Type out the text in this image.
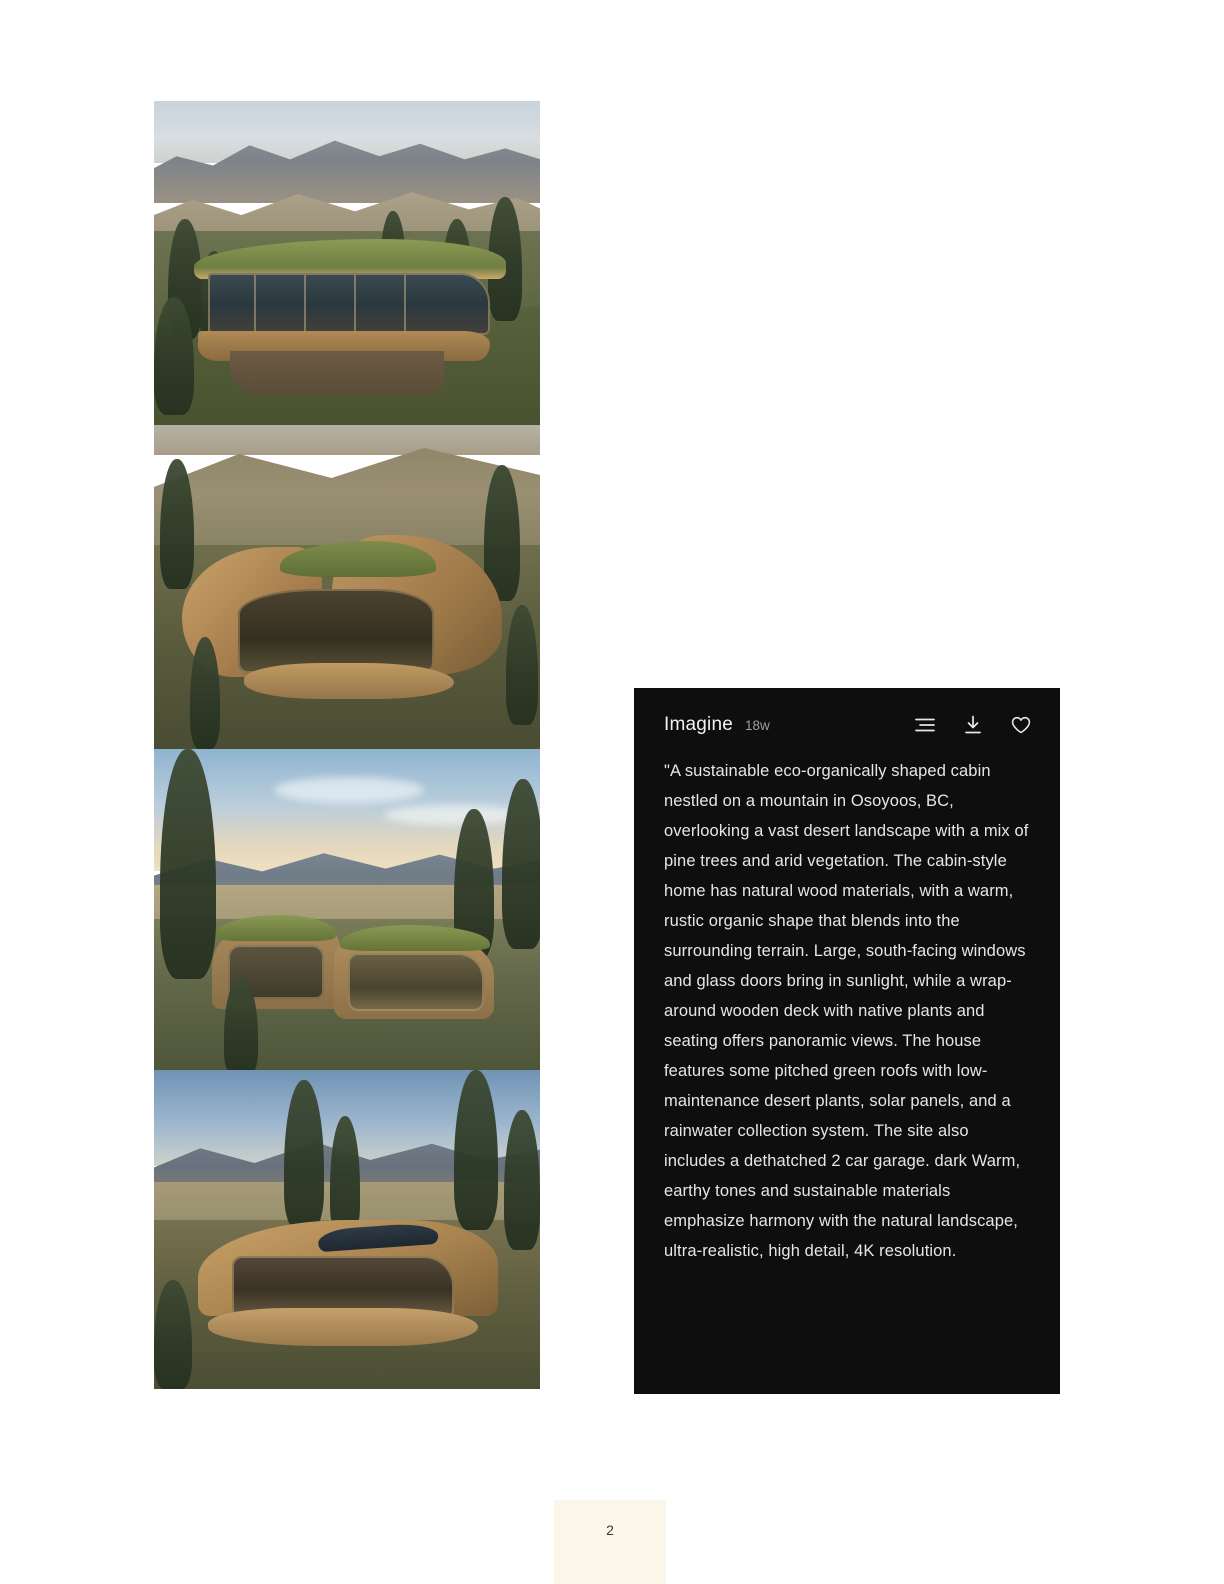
Imagine 18w
"A sustainable eco-organically shaped cabin nestled on a mountain in Osoyoos, BC, overlooking a vast desert landscape with a mix of pine trees and arid vegetation. The cabin-style home has natural wood materials, with a warm, rustic organic shape that blends into the surrounding terrain. Large, south-facing windows and glass doors bring in sunlight, while a wrap-around wooden deck with native plants and seating offers panoramic views. The house features some pitched green roofs with low-maintenance desert plants, solar panels, and a rainwater collection system. The site also includes a dethatched 2 car garage. dark Warm, earthy tones and sustainable materials emphasize harmony with the natural landscape, ultra-realistic, high detail, 4K resolution.
2
